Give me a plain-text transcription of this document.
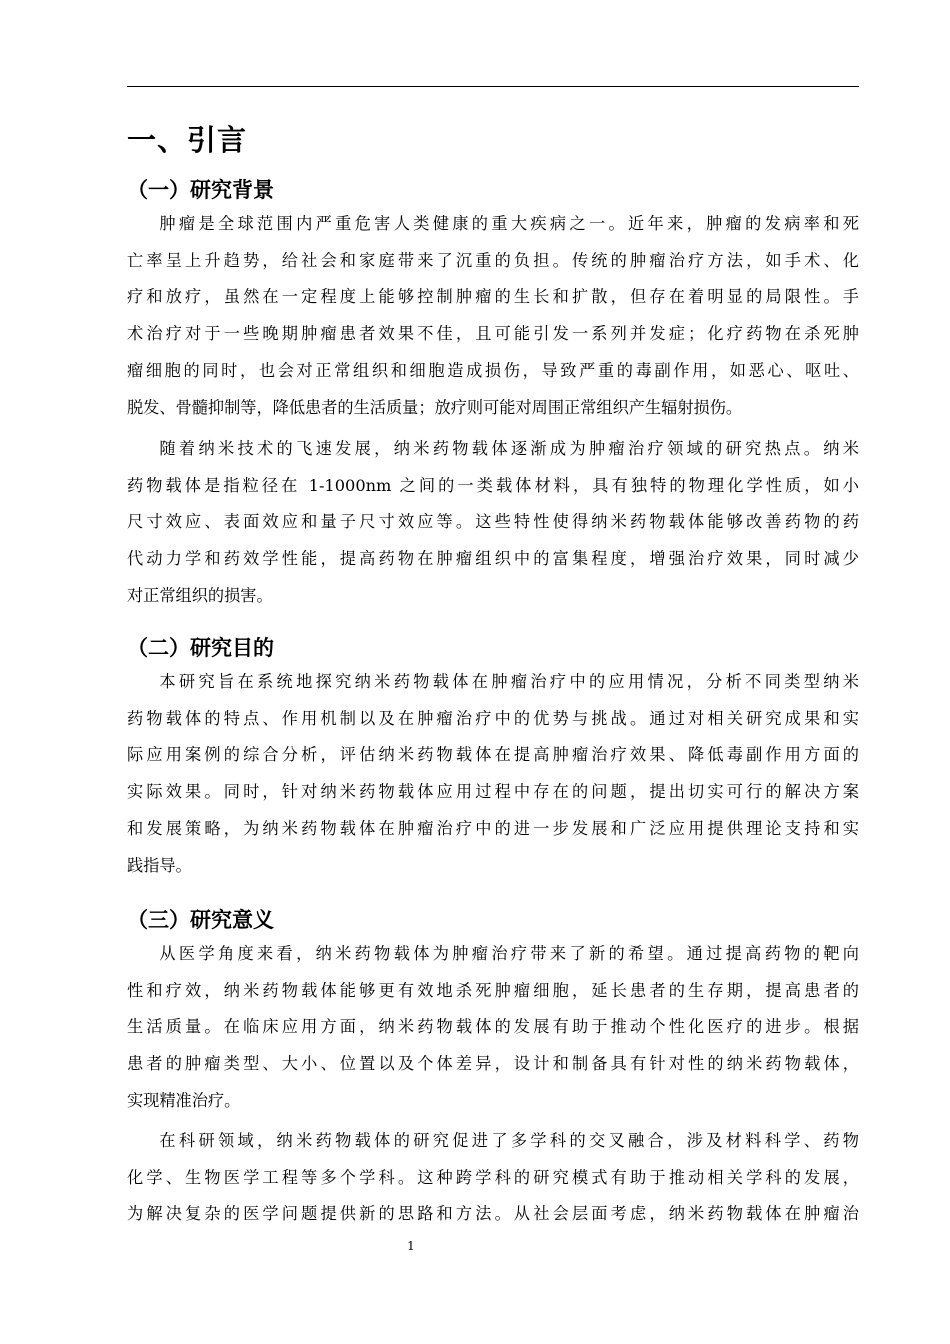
一、引言
（一）研究背景
肿瘤是全球范围内严重危害人类健康的重大疾病之一。近年来，肿瘤的发病率和死
亡率呈上升趋势，给社会和家庭带来了沉重的负担。传统的肿瘤治疗方法，如手术、化
疗和放疗，虽然在一定程度上能够控制肿瘤的生长和扩散，但存在着明显的局限性。手
术治疗对于一些晚期肿瘤患者效果不佳，且可能引发一系列并发症；化疗药物在杀死肿
瘤细胞的同时，也会对正常组织和细胞造成损伤，导致严重的毒副作用，如恶心、呕吐、
脱发、骨髓抑制等，降低患者的生活质量；放疗则可能对周围正常组织产生辐射损伤。
随着纳米技术的飞速发展，纳米药物载体逐渐成为肿瘤治疗领域的研究热点。纳米
药物载体是指粒径在 1-1000nm 之间的一类载体材料，具有独特的物理化学性质，如小
尺寸效应、表面效应和量子尺寸效应等。这些特性使得纳米药物载体能够改善药物的药
代动力学和药效学性能，提高药物在肿瘤组织中的富集程度，增强治疗效果，同时减少
对正常组织的损害。
（二）研究目的
本研究旨在系统地探究纳米药物载体在肿瘤治疗中的应用情况，分析不同类型纳米
药物载体的特点、作用机制以及在肿瘤治疗中的优势与挑战。通过对相关研究成果和实
际应用案例的综合分析，评估纳米药物载体在提高肿瘤治疗效果、降低毒副作用方面的
实际效果。同时，针对纳米药物载体应用过程中存在的问题，提出切实可行的解决方案
和发展策略，为纳米药物载体在肿瘤治疗中的进一步发展和广泛应用提供理论支持和实
践指导。
（三）研究意义
从医学角度来看，纳米药物载体为肿瘤治疗带来了新的希望。通过提高药物的靶向
性和疗效，纳米药物载体能够更有效地杀死肿瘤细胞，延长患者的生存期，提高患者的
生活质量。在临床应用方面，纳米药物载体的发展有助于推动个性化医疗的进步。根据
患者的肿瘤类型、大小、位置以及个体差异，设计和制备具有针对性的纳米药物载体，
实现精准治疗。
在科研领域，纳米药物载体的研究促进了多学科的交叉融合，涉及材料科学、药物
化学、生物医学工程等多个学科。这种跨学科的研究模式有助于推动相关学科的发展，
为解决复杂的医学问题提供新的思路和方法。从社会层面考虑，纳米药物载体在肿瘤治
1
